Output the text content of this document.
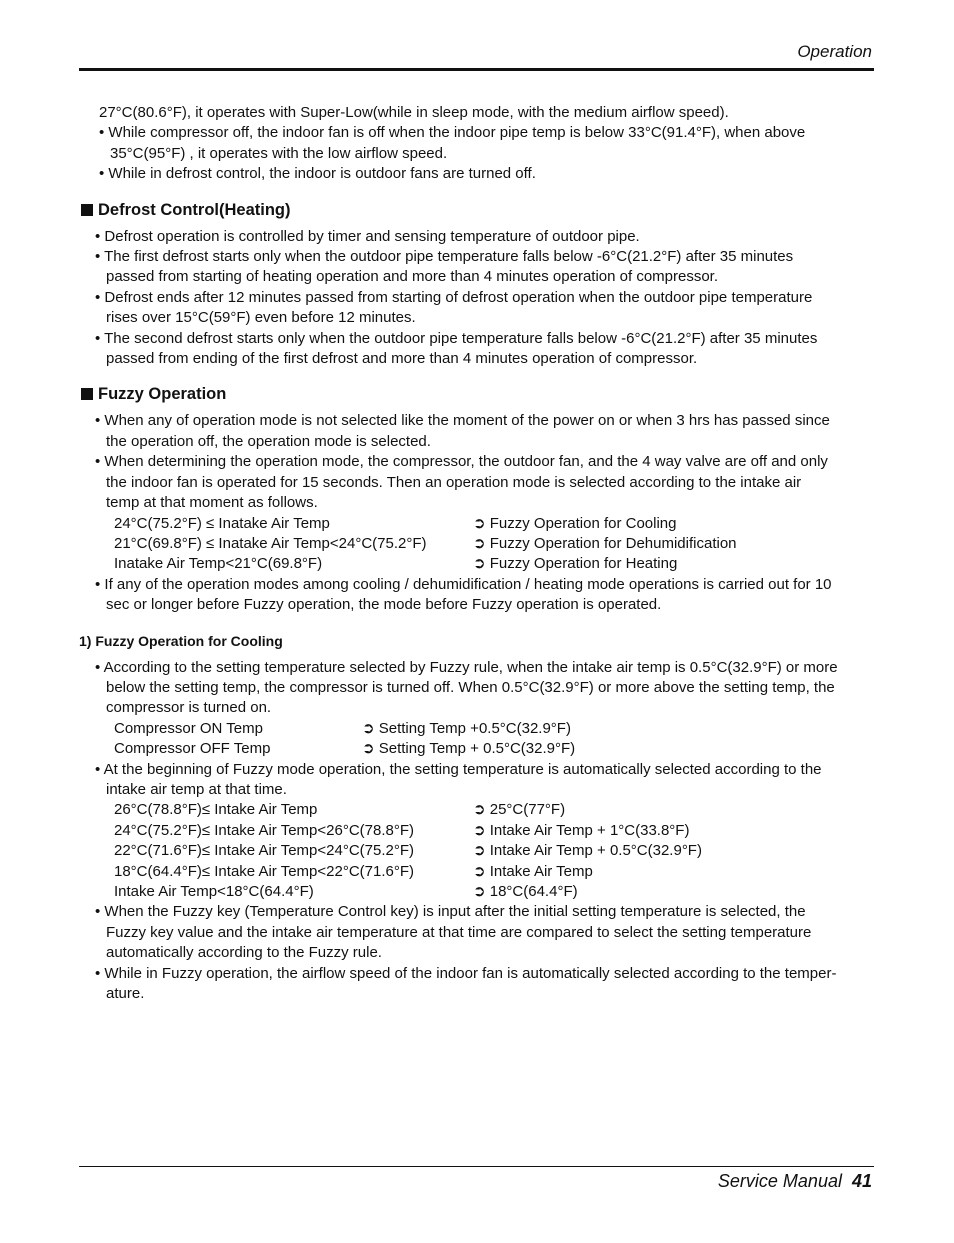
Operation
27°C(80.6°F), it operates with Super-Low(while in sleep mode, with the medium airflow speed).
• While compressor off, the indoor fan is off when the indoor pipe temp is below 33°C(91.4°F), when above
35°C(95°F) , it operates with the low airflow speed.
• While in defrost control, the indoor is outdoor fans are turned off.
Defrost Control(Heating)
• Defrost operation is controlled by timer and sensing temperature of outdoor pipe.
• The first defrost starts only when the outdoor pipe temperature falls below -6°C(21.2°F) after 35 minutes
passed from starting of heating operation and more than 4 minutes operation of compressor.
• Defrost ends after 12 minutes passed from starting of defrost operation when the outdoor pipe temperature
rises over 15°C(59°F) even before 12 minutes.
• The second defrost starts only when the outdoor pipe temperature falls below -6°C(21.2°F) after 35 minutes
passed from ending of the first defrost and more than 4 minutes operation of compressor.
Fuzzy Operation
• When any of operation mode is not selected like the moment of the power on or when 3 hrs has passed since
the operation off, the operation mode is selected.
• When determining the operation mode, the compressor, the outdoor fan, and the 4 way valve are off and only
the indoor fan is operated for 15 seconds. Then an operation mode is selected according to the intake air
temp at that moment as follows.
24°C(75.2°F) ≤ Inatake Air Temp	➲ Fuzzy Operation for Cooling
21°C(69.8°F) ≤ Inatake Air Temp<24°C(75.2°F)	➲ Fuzzy Operation for Dehumidification
Inatake Air Temp<21°C(69.8°F)	➲ Fuzzy Operation for Heating
• If any of the operation modes among cooling / dehumidification / heating mode operations is carried out for 10
sec or longer before Fuzzy operation, the mode before Fuzzy operation is operated.
1) Fuzzy Operation for Cooling
• According to the setting temperature selected by Fuzzy rule, when the intake air temp is 0.5°C(32.9°F) or more
below the setting temp, the compressor is turned off. When 0.5°C(32.9°F) or more above the setting temp, the
compressor is turned on.
Compressor ON Temp	➲ Setting Temp +0.5°C(32.9°F)
Compressor OFF Temp	➲ Setting Temp + 0.5°C(32.9°F)
• At the beginning of Fuzzy mode operation, the setting temperature is automatically selected according to the
intake air temp at that time.
26°C(78.8°F)≤ Intake Air Temp	➲ 25°C(77°F)
24°C(75.2°F)≤ Intake Air Temp<26°C(78.8°F)	➲ Intake Air Temp + 1°C(33.8°F)
22°C(71.6°F)≤ Intake Air Temp<24°C(75.2°F)	➲ Intake Air Temp + 0.5°C(32.9°F)
18°C(64.4°F)≤ Intake Air Temp<22°C(71.6°F)	➲ Intake Air Temp
Intake Air Temp<18°C(64.4°F)	➲ 18°C(64.4°F)
• When the Fuzzy key (Temperature Control key) is input after the initial setting temperature is selected, the
Fuzzy key value and the intake air temperature at that time are compared to select the setting temperature
automatically according to the Fuzzy rule.
• While in Fuzzy operation, the airflow speed of the indoor fan is automatically selected according to the temper-
ature.
Service Manual 41
